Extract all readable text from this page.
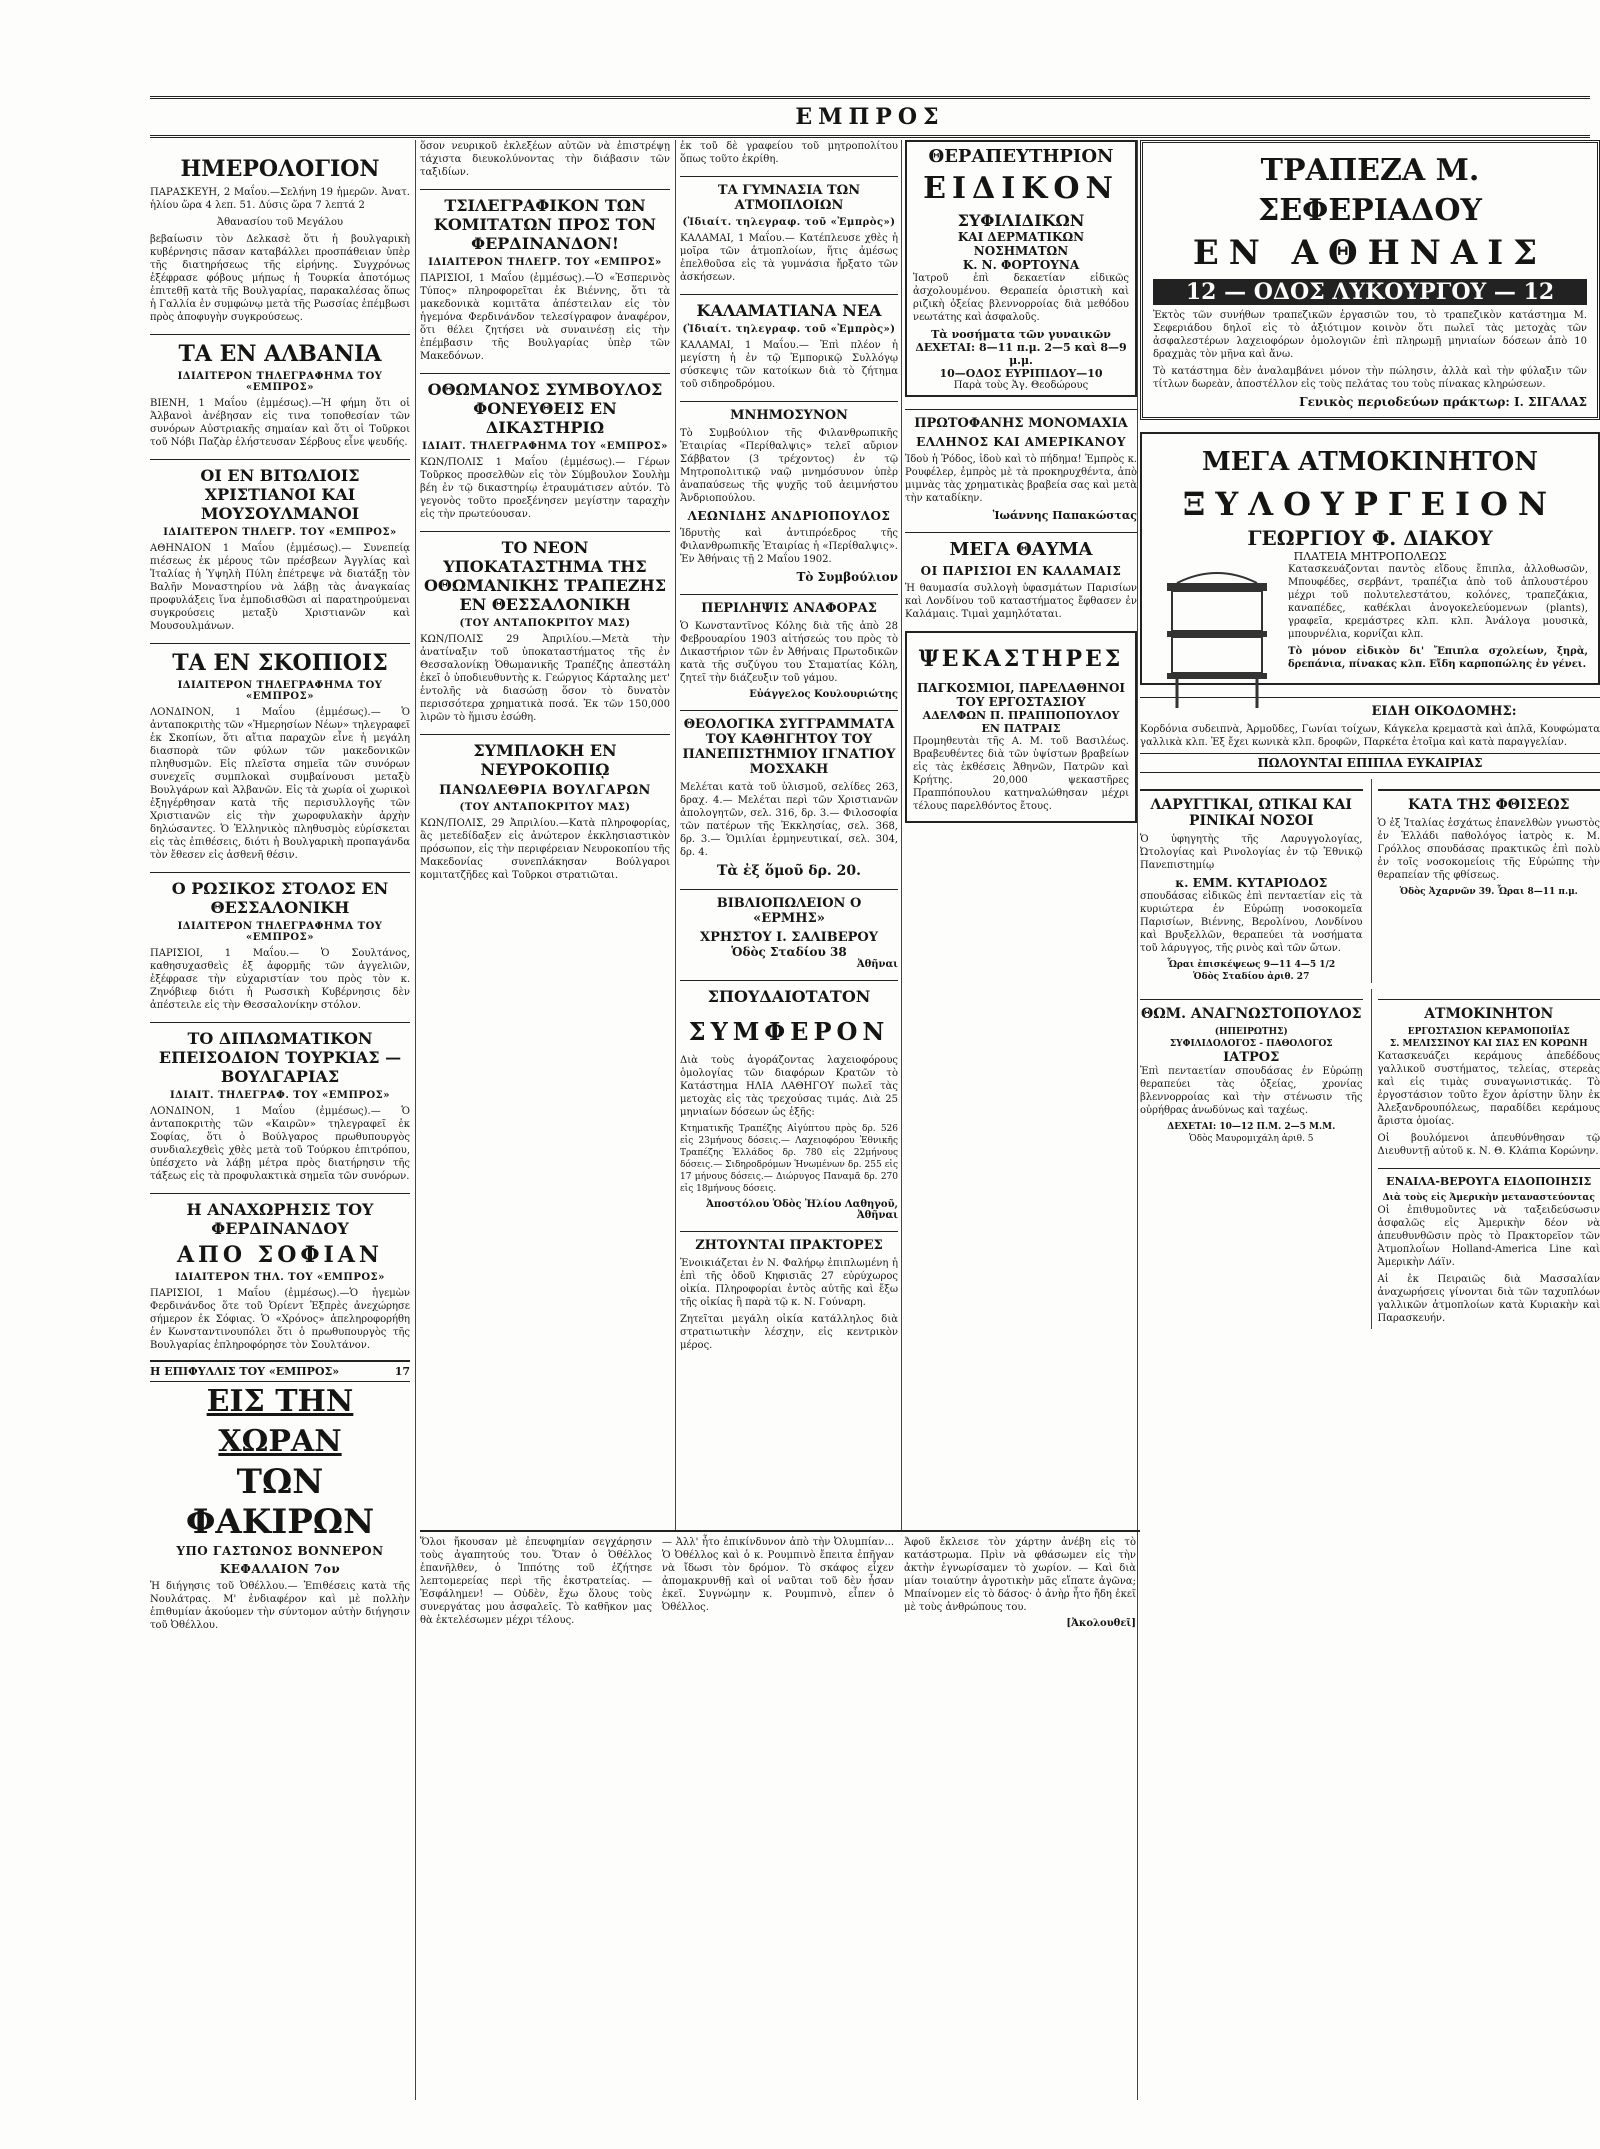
ΕΜΠΡΟΣ
ΗΜΕΡΟΛΟΓΙΟΝ

ΠΑΡΑΣΚΕΥΗ, 2 Μαΐου.—Σελήνη 19 ἡμερῶν. Ἀνατ. ἡλίου ὥρα 4 λεπ. 51. Δύσις ὥρα 7 λεπτά 2

Ἀθανασίου τοῦ Μεγάλου

βεβαίωσιν τὸν Δελκασὲ ὅτι ἡ βουλγαρικὴ κυβέρνησις πᾶσαν καταβάλλει προσπάθειαν ὑπὲρ τῆς διατηρήσεως τῆς εἰρήνης. Συγχρόνως ἐξέφρασε φόβους μήπως ἡ Τουρκία ἀποτόμως ἐπιτεθῇ κατὰ τῆς Βουλγαρίας, παρακαλέσας ὅπως ἡ Γαλλία ἐν συμφώνῳ μετὰ τῆς Ρωσσίας ἐπέμβωσι πρὸς ἀποφυγὴν συγκρούσεως.

ΤΑ ΕΝ ΑΛΒΑΝΙΑ
ΙΔΙΑΙΤΕΡΟΝ ΤΗΛΕΓΡΑΦΗΜΑ ΤΟΥ «ΕΜΠΡΟΣ»

ΒΙΕΝΗ, 1 Μαΐου (ἐμμέσως).—Ἡ φήμη ὅτι οἱ Ἀλβανοὶ ἀνέβησαν εἰς τινα τοποθεσίαν τῶν συνόρων Αὐστριακῆς σημαίαν καὶ ὅτι οἱ Τοῦρκοι τοῦ Νόβι Παζὰρ ἐλήστευσαν Σέρβους εἶνε ψευδής.

ΟΙ ΕΝ ΒΙΤΩΛΙΟΙΣ ΧΡΙΣΤΙΑΝΟΙ ΚΑΙ ΜΟΥΣΟΥΛΜΑΝΟΙ
ΙΔΙΑΙΤΕΡΟΝ ΤΗΛΕΓΡ. ΤΟΥ «ΕΜΠΡΟΣ»

ΑΘΗΝΑΙΟΝ 1 Μαΐου (ἐμμέσως).— Συνεπείᾳ πιέσεως ἐκ μέρους τῶν πρέσβεων Ἀγγλίας καὶ Ἰταλίας ἡ Ὑψηλὴ Πύλη ἐπέτρεψε νὰ διατάξῃ τὸν Βαλῆν Μοναστηρίου νὰ λάβῃ τὰς ἀναγκαίας προφυλάξεις ἵνα ἐμποδισθῶσι αἱ παρατηρούμεναι συγκρούσεις μεταξὺ Χριστιανῶν καὶ Μουσουλμάνων.

ΤΑ ΕΝ ΣΚΟΠΙΟΙΣ
ΙΔΙΑΙΤΕΡΟΝ ΤΗΛΕΓΡΑΦΗΜΑ ΤΟΥ «ΕΜΠΡΟΣ»

ΛΟΝΔΙΝΟΝ, 1 Μαΐου (ἐμμέσως).— Ὁ ἀνταποκριτὴς τῶν «Ἡμερησίων Νέων» τηλεγραφεῖ ἐκ Σκοπίων, ὅτι αἴτια παραχῶν εἶνε ἡ μεγάλη διασπορὰ τῶν φύλων τῶν μακεδονικῶν πληθυσμῶν. Εἰς πλεῖστα σημεῖα τῶν συνόρων συνεχεῖς συμπλοκαὶ συμβαίνουσι μεταξὺ Βουλγάρων καὶ Ἀλβανῶν. Εἰς τὰ χωρία οἱ χωρικοὶ ἐξηγέρθησαν κατὰ τῆς περισυλλογῆς τῶν Χριστιανῶν εἰς τὴν χωροφυλακὴν ἀρχὴν δηλώσαντες. Ὁ Ἑλληνικὸς πληθυσμὸς εὑρίσκεται εἰς τὰς ἐπιθέσεις, διότι ἡ Βουλγαρικὴ προπαγάνδα τὸν ἔθεσεν εἰς ἀσθενῆ θέσιν.

Ο ΡΩΣΙΚΟΣ ΣΤΟΛΟΣ ΕΝ ΘΕΣΣΑΛΟΝΙΚΗ
ΙΔΙΑΙΤΕΡΟΝ ΤΗΛΕΓΡΑΦΗΜΑ ΤΟΥ «ΕΜΠΡΟΣ»

ΠΑΡΙΣΙΟΙ, 1 Μαΐου.— Ὁ Σουλτάνος, καθησυχασθεὶς ἐξ ἀφορμῆς τῶν ἀγγελιῶν, ἐξέφρασε τὴν εὐχαριστίαν του πρὸς τὸν κ. Ζηνόβιεφ διότι ἡ Ρωσσικὴ Κυβέρνησις δὲν ἀπέστειλε εἰς τὴν Θεσσαλονίκην στόλον.

ΤΟ ΔΙΠΛΩΜΑΤΙΚΟΝ ΕΠΕΙΣΟΔΙΟΝ ΤΟΥΡΚΙΑΣ — ΒΟΥΛΓΑΡΙΑΣ
ΙΔΙΑΙΤ. ΤΗΛΕΓΡΑΦ. ΤΟΥ «ΕΜΠΡΟΣ»

ΛΟΝΔΙΝΟΝ, 1 Μαΐου (ἐμμέσως).— Ὁ ἀνταποκριτὴς τῶν «Καιρῶν» τηλεγραφεῖ ἐκ Σοφίας, ὅτι ὁ Βούλγαρος πρωθυπουργὸς συνδιαλεχθεὶς χθὲς μετὰ τοῦ Τούρκου ἐπιτρόπου, ὑπέσχετο νὰ λάβῃ μέτρα πρὸς διατήρησιν τῆς τάξεως εἰς τὰ προφυλακτικὰ σημεῖα τῶν συνόρων.

Η ΑΝΑΧΩΡΗΣΙΣ ΤΟΥ ΦΕΡΔΙΝΑΝΔΟΥ
ΑΠΟ ΣΟΦΙΑΝ
ΙΔΙΑΙΤΕΡΟΝ ΤΗΛ. ΤΟΥ «ΕΜΠΡΟΣ»

ΠΑΡΙΣΙΟΙ, 1 Μαΐου (ἐμμέσως).—Ὁ ἡγεμὼν Φερδινάνδος ὅτε τοῦ Ὀρίεντ Ἐξπρὲς ἀνεχώρησε σήμερον ἐκ Σόφιας. Ὁ «Χρόνος» ἀπεληροφορήθη ἐν Κωνσταντινουπόλει ὅτι ὁ πρωθυπουργὸς τῆς Βουλγαρίας ἐπληροφόρησε τὸν Σουλτάνον.

Η ΕΠΙΦΥΛΛΙΣ ΤΟΥ «ΕΜΠΡΟΣ»	17
ΕΙΣ ΤΗΝ ΧΩΡΑΝ
ΤΩΝ ΦΑΚΙΡΩΝ
ΥΠΟ ΓΑΣΤΩΝΟΣ ΒΟΝΝΕΡΟΝ
ΚΕΦΑΛΑΙΟΝ 7ον

Ἡ διήγησις τοῦ Ὀθέλλου.— Ἐπιθέσεις κατὰ τῆς Νουλάτρας. Μ' ἐνδιαφέρον καὶ μὲ πολλὴν ἐπιθυμίαν ἀκούομεν τὴν σύντομον αὐτὴν διήγησιν τοῦ Ὀθέλλου.

ὅσον νευρικοῦ ἐκλεξέων αὐτῶν νὰ ἐπιστρέψῃ τάχιστα διευκολύνοντας τὴν διάβασιν τῶν ταξιδίων.

ΤΣΙΛΕΓΡΑΦΙΚΟΝ ΤΩΝ ΚΟΜΙΤΑΤΩΝ ΠΡΟΣ ΤΟΝ ΦΕΡΔΙΝΑΝΔΟΝ!
ΙΔΙΑΙΤΕΡΟΝ ΤΗΛΕΓΡ. ΤΟΥ «ΕΜΠΡΟΣ»

ΠΑΡΙΣΙΟΙ, 1 Μαΐου (ἐμμέσως).—Ὁ «Ἐσπερινὸς Τύπος» πληροφορεῖται ἐκ Βιέννης, ὅτι τὰ μακεδονικὰ κομιτᾶτα ἀπέστειλαν εἰς τὸν ἡγεμόνα Φερδινάνδον τελεσίγραφον ἀναφέρον, ὅτι θέλει ζητήσει νὰ συναινέσῃ εἰς τὴν ἐπέμβασιν τῆς Βουλγαρίας ὑπὲρ τῶν Μακεδόνων.

ΟΘΩΜΑΝΟΣ ΣΥΜΒΟΥΛΟΣ ΦΟΝΕΥΘΕΙΣ ΕΝ ΔΙΚΑΣΤΗΡΙΩ
ΙΔΙΑΙΤ. ΤΗΛΕΓΡΑΦΗΜΑ ΤΟΥ «ΕΜΠΡΟΣ»

ΚΩΝ/ΠΟΛΙΣ 1 Μαΐου (ἐμμέσως).— Γέρων Τοῦρκος προσελθὼν εἰς τὸν Σύμβουλον Σουλὴμ βέη ἐν τῷ δικαστηρίῳ ἐτραυμάτισεν αὐτόν. Τὸ γεγονὸς τοῦτο προεξένησεν μεγίστην ταραχὴν εἰς τὴν πρωτεύουσαν.

ΤΟ ΝΕΟΝ ΥΠΟΚΑΤΑΣΤΗΜΑ ΤΗΣ ΟΘΩΜΑΝΙΚΗΣ ΤΡΑΠΕΖΗΣ ΕΝ ΘΕΣΣΑΛΟΝΙΚΗ
(ΤΟΥ ΑΝΤΑΠΟΚΡΙΤΟΥ ΜΑΣ)

ΚΩΝ/ΠΟΛΙΣ 29 Ἀπριλίου.—Μετὰ τὴν ἀνατίναξιν τοῦ ὑποκαταστήματος τῆς ἐν Θεσσαλονίκῃ Ὀθωμανικῆς Τραπέζης ἀπεστάλη ἐκεῖ ὁ ὑποδιευθυντὴς κ. Γεώργιος Κάρταλης μετ' ἐντολῆς νὰ διασώσῃ ὅσον τὸ δυνατὸν περισσότερα χρηματικὰ ποσά. Ἐκ τῶν 150,000 λιρῶν τὸ ἥμισυ ἐσώθη.

ΣΥΜΠΛΟΚΗ ΕΝ ΝΕΥΡΟΚΟΠΙῼ
ΠΑΝΩΛΕΘΡΙΑ ΒΟΥΛΓΑΡΩΝ
(ΤΟΥ ΑΝΤΑΠΟΚΡΙΤΟΥ ΜΑΣ)

ΚΩΝ/ΠΟΛΙΣ, 29 Ἀπριλίου.—Κατὰ πληροφορίας, ἃς μετεδίδαξεν εἰς ἀνώτερον ἐκκλησιαστικὸν πρόσωπον, εἰς τὴν περιφέρειαν Νευροκοπίου τῆς Μακεδονίας συνεπλάκησαν Βούλγαροι κομιτατζῆδες καὶ Τοῦρκοι στρατιῶται.

ἐκ τοῦ δὲ γραφείου τοῦ μητροπολίτου ὅπως τοῦτο ἐκρίθη.

ΤΑ ΓΥΜΝΑΣΙΑ ΤΩΝ ΑΤΜΟΠΛΟΙΩΝ
(Ἰδιαίτ. τηλεγραφ. τοῦ «Ἐμπρὸς»)

ΚΑΛΑΜΑΙ, 1 Μαΐου.— Κατέπλευσε χθὲς ἡ μοῖρα τῶν ἀτμοπλοίων, ἥτις ἀμέσως ἐπελθοῦσα εἰς τὰ γυμνάσια ἤρξατο τῶν ἀσκήσεων.

ΚΑΛΑΜΑΤΙΑΝΑ ΝΕΑ
(Ἰδιαίτ. τηλεγραφ. τοῦ «Ἐμπρὸς»)

ΚΑΛΑΜΑΙ, 1 Μαΐου.— Ἐπὶ πλέον ἡ μεγίστη ἡ ἐν τῷ Ἐμπορικῷ Συλλόγῳ σύσκεψις τῶν κατοίκων διὰ τὸ ζήτημα τοῦ σιδηροδρόμου.

ΜΝΗΜΟΣΥΝΟΝ

Τὸ Συμβούλιον τῆς Φιλανθρωπικῆς Ἑταιρίας «Περίθαλψις» τελεῖ αὔριον Σάββατον (3 τρέχοντος) ἐν τῷ Μητροπολιτικῷ ναῷ μνημόσυνον ὑπὲρ ἀναπαύσεως τῆς ψυχῆς τοῦ ἀειμνήστου Ἀνδριοπούλου.

ΛΕΩΝΙΔΗΣ ΑΝΔΡΙΟΠΟΥΛΟΣ

Ἱδρυτὴς καὶ ἀντιπρόεδρος τῆς Φιλανθρωπικῆς Ἑταιρίας ἡ «Περίθαλψις». Ἐν Ἀθήναις τῇ 2 Μαΐου 1902.

Τὸ Συμβούλιον
ΠΕΡΙΛΗΨΙΣ ΑΝΑΦΟΡΑΣ

Ὁ Κωνσταντῖνος Κόλης διὰ τῆς ἀπὸ 28 Φεβρουαρίου 1903 αἰτήσεώς του πρὸς τὸ Δικαστήριον τῶν ἐν Ἀθήναις Πρωτοδικῶν κατὰ τῆς συζύγου του Σταματίας Κόλη, ζητεῖ τὴν διάζευξιν τοῦ γάμου.

Εὐάγγελος Κουλουριώτης
ΘΕΟΛΟΓΙΚΑ ΣΥΓΓΡΑΜΜΑΤΑ ΤΟΥ ΚΑΘΗΓΗΤΟΥ ΤΟΥ ΠΑΝΕΠΙΣΤΗΜΙΟΥ ΙΓΝΑΤΙΟΥ ΜΟΣΧΑΚΗ

Μελέται κατὰ τοῦ ὑλισμοῦ, σελίδες 263, δραχ. 4.— Μελέται περὶ τῶν Χριστιανῶν ἀπολογητῶν, σελ. 316, δρ. 3.— Φιλοσοφία τῶν πατέρων τῆς Ἐκκλησίας, σελ. 368, δρ. 3.— Ὁμιλίαι ἐρμηνευτικαί, σελ. 304, δρ. 4.

Τὰ ἐξ ὅμοῦ δρ. 20.
ΒΙΒΛΙΟΠΩΛΕΙΟΝ Ο «ΕΡΜΗΣ»
ΧΡΗΣΤΟΥ Ι. ΣΑΛΙΒΕΡΟΥ
Ὁδὸς Σταδίου 38
Ἀθῆναι
ΣΠΟΥΔΑΙΟΤΑΤΟΝ
ΣΥΜΦΕΡΟΝ

Διὰ τοὺς ἀγοράζοντας λαχειοφόρους ὁμολογίας τῶν διαφόρων Κρατῶν τὸ Κατάστημα ΗΛΙΑ ΛΑΘΗΓΟΥ πωλεῖ τὰς μετοχὰς εἰς τὰς τρεχούσας τιμάς. Διὰ 25 μηνιαίων δόσεων ὡς ἑξῆς:

Κτηματικῆς Τραπέζης Αἰγύπτου πρὸς δρ. 526 εἰς 23μήνους δόσεις.— Λαχειοφόρου Ἐθνικῆς Τραπέζης Ἑλλάδος δρ. 780 εἰς 22μήνους δόσεις.— Σιδηροδρόμων Ἡνωμένων δρ. 255 εἰς 17 μήνους δόσεις.— Διώρυγος Παναμᾶ δρ. 270 εἰς 18μήνους δόσεις.

Ἀποστόλου Ὁδὸς Ἡλίου Λαθηγοῦ, Ἀθῆναι
ΖΗΤΟΥΝΤΑΙ ΠΡΑΚΤΟΡΕΣ

Ἐνοικιάζεται ἐν Ν. Φαλήρῳ ἐπιπλωμένη ἡ ἐπὶ τῆς ὁδοῦ Κηφισιᾶς 27 εὐρύχωρος οἰκία. Πληροφορίαι ἐντὸς αὐτῆς καὶ ἔξω τῆς οἰκίας ἢ παρὰ τῷ κ. Ν. Γούναρη.

Ζητεῖται μεγάλη οἰκία κατάλληλος διὰ στρατιωτικὴν λέσχην, εἰς κεντρικὸν μέρος.

ΘΕΡΑΠΕΥΤΗΡΙΟΝ
ΕΙΔΙΚΟΝ
ΣΥΦΙΛΙΔΙΚΩΝ
ΚΑΙ ΔΕΡΜΑΤΙΚΩΝ ΝΟΣΗΜΑΤΩΝ
Κ. Ν. ΦΟΡΤΟΥΝΑ

Ἰατροῦ ἐπὶ δεκαετίαν εἰδικῶς ἀσχολουμένου. Θεραπεία ὁριστικὴ καὶ ριζικὴ ὀξείας βλεννορροίας διὰ μεθόδου νεωτάτης καὶ ἀσφαλοῦς.

Τὰ νοσήματα τῶν γυναικῶν
ΔΕΧΕΤΑΙ: 8—11 π.μ. 2—5 καὶ 8—9 μ.μ.
10—ΟΔΟΣ ΕΥΡΙΠΙΔΟΥ—10
Παρὰ τοὺς Ἁγ. Θεοδώρους
ΠΡΩΤΟΦΑΝΗΣ ΜΟΝΟΜΑΧΙΑ
ΕΛΛΗΝΟΣ ΚΑΙ ΑΜΕΡΙΚΑΝΟΥ

Ἰδοὺ ἡ Ῥόδος, ἰδοὺ καὶ τὸ πήδημα! Ἐμπρὸς κ. Ρουφέλερ, ἐμπρὸς μὲ τὰ προκηρυχθέντα, ἀπὸ μιμνὰς τὰς χρηματικὰς βραβεία σας καὶ μετὰ τὴν καταδίκην.

Ἰωάννης Παπακώστας
ΜΕΓΑ ΘΑΥΜΑ
ΟΙ ΠΑΡΙΣΙΟΙ ΕΝ ΚΑΛΑΜΑΙΣ

Ἡ θαυμασία συλλογὴ ὑφασμάτων Παρισίων καὶ Λονδίνου τοῦ καταστήματος ἔφθασεν ἐν Καλάμαις. Τιμαὶ χαμηλόταται.

ΨΕΚΑΣΤΗΡΕΣ
ΠΑΓΚΟΣΜΙΟΙ, ΠΑΡΕΛΑΘΗΝΟΙ
ΤΟΥ ΕΡΓΟΣΤΑΣΙΟΥ
ΑΔΕΛΦΩΝ Π. ΠΡΑΠΠΟΠΟΥΛΟΥ
ΕΝ ΠΑΤΡΑΙΣ

Προμηθευτὰι τῆς Α. Μ. τοῦ Βασιλέως. Βραβευθέντες διὰ τῶν ὑψίστων βραβείων εἰς τὰς ἐκθέσεις Ἀθηνῶν, Πατρῶν καὶ Κρήτης. 20,000 ψεκαστῆρες Πραππόπουλου κατηναλώθησαν μέχρι τέλους παρελθόντος ἔτους.

ΤΡΑΠΕΖΑ Μ. ΣΕΦΕΡΙΑΔΟΥ
ΕΝ ΑΘΗΝΑΙΣ
12 — ΟΔΟΣ ΛΥΚΟΥΡΓΟΥ — 12

Ἐκτὸς τῶν συνήθων τραπεζικῶν ἐργασιῶν του, τὸ τραπεζικὸν κατάστημα Μ. Σεφεριάδου δηλοῖ εἰς τὸ ἀξιότιμον κοινὸν ὅτι πωλεῖ τὰς μετοχὰς τῶν ἀσφαλεστέρων λαχειοφόρων ὁμολογιῶν ἐπὶ πληρωμῇ μηνιαίων δόσεων ἀπὸ 10 δραχμὰς τὸν μῆνα καὶ ἄνω.

Τὸ κατάστημα δὲν ἀναλαμβάνει μόνον τὴν πώλησιν, ἀλλὰ καὶ τὴν φύλαξιν τῶν τίτλων δωρεὰν, ἀποστέλλον εἰς τοὺς πελάτας του τοὺς πίνακας κληρώσεων.

Γενικὸς περιοδεύων πράκτωρ: Ι. ΣΙΓΑΛΑΣ
ΜΕΓΑ ΑΤΜΟΚΙΝΗΤΟΝ
ΞΥΛΟΥΡΓΕΙΟΝ
ΓΕΩΡΓΙΟΥ Φ. ΔΙΑΚΟΥ
ΠΛΑΤΕΙΑ ΜΗΤΡΟΠΟΛΕΩΣ

Κατασκευάζονται παντὸς εἴδους ἔπιπλα, ἀλλοθωσῶν, Μπουφέδες, σερβάντ, τραπέζια ἀπὸ τοῦ ἁπλουστέρου μέχρι τοῦ πολυτελεστάτου, κολόνες, τραπεζάκια, καναπέδες, καθέκλαι ἀνογοκελεύομενων (plants), γραφεῖα, κρεμάστρες κλπ. κλπ. Ἀνάλογα μουσικὰ, μπουρνέλια, κορνίζαι κλπ.

Τὸ μόνον εἰδικὸν δι' Ἔπιπλα σχολείων, ξηρὰ, δρεπάνια, πίνακας κλπ. Εἴδη καρποπώλης ἐν γένει.

ΕΙΔΗ ΟΙΚΟΔΟΜΗΣ:

Κορδόνια συδειπνὰ, Ἀρμοῦδες, Γωνίαι τοίχων, Κάγκελα κρεμαστὰ καὶ ἀπλᾶ, Κουφώματα γαλλικὰ κλπ. Ἐξ ἔχει κωνικὰ κλπ. δροφῶν, Παρκέτα ἑτοῖμα καὶ κατὰ παραγγελίαν.

ΠΩΛΟΥΝΤΑΙ ΕΠΙΠΛΑ ΕΥΚΑΙΡΙΑΣ
ΛΑΡΥΓΓΙΚΑΙ, ΩΤΙΚΑΙ ΚΑΙ ΡΙΝΙΚΑΙ ΝΟΣΟΙ

Ὁ ὑφηγητὴς τῆς Λαρυγγολογίας, Ὠτολογίας καὶ Ρινολογίας ἐν τῷ Ἐθνικῷ Πανεπιστημίῳ

κ. ΕΜΜ. ΚΥΤΑΡΙΟΔΟΣ

σπουδάσας εἰδικῶς ἐπὶ πενταετίαν εἰς τὰ κυριώτερα ἐν Εὐρώπῃ νοσοκομεῖα Παρισίων, Βιέννης, Βερολίνου, Λονδίνου καὶ Βρυξελλῶν, θεραπεύει τὰ νοσήματα τοῦ λάρυγγος, τῆς ρινὸς καὶ τῶν ὤτων.

Ὧραι ἐπισκέψεως 9—11 4—5 1/2
Ὁδὸς Σταδίου ἀριθ. 27
ΚΑΤΑ ΤΗΣ ΦΘΙΣΕΩΣ

Ὁ ἐξ Ἰταλίας ἐσχάτως ἐπανελθὼν γνωστὸς ἐν Ἑλλάδι παθολόγος ἰατρὸς κ. Μ. Γρόλλος σπουδάσας πρακτικῶς ἐπὶ πολὺ ἐν τοῖς νοσοκομείοις τῆς Εὐρώπης τὴν θεραπείαν τῆς φθίσεως.

Ὁδὸς Ἀχαρνῶν 39. Ὧραι 8—11 π.μ.
ΘΩΜ. ΑΝΑΓΝΩΣΤΟΠΟΥΛΟΣ
(ΗΠΕΙΡΩΤΗΣ)
ΣΥΦΙΛΙΔΟΛΟΓΟΣ - ΠΑΘΟΛΟΓΟΣ
ΙΑΤΡΟΣ

Ἐπὶ πενταετίαν σπουδάσας ἐν Εὐρώπῃ θεραπεύει τὰς ὀξείας, χρονίας βλεννορροίας καὶ τὴν στένωσιν τῆς οὐρήθρας ἀνωδύνως καὶ ταχέως.

ΔΕΧΕΤΑΙ: 10—12 Π.Μ. 2—5 Μ.Μ.
Ὁδὸς Μαυρομιχάλη ἀριθ. 5
ΑΤΜΟΚΙΝΗΤΟΝ
ΕΡΓΟΣΤΑΣΙΟΝ ΚΕΡΑΜΟΠΟΙΪΑΣ
Σ. ΜΕΛΙΣΣΙΝΟΥ ΚΑΙ ΣΙΑΣ ΕΝ ΚΟΡΩΝΗ

Κατασκευάζει κεράμους ἀπεδέδους γαλλικοῦ συστήματος, τελείας, στερεὰς καὶ εἰς τιμὰς συναγωνιστικάς. Τὸ ἐργοστάσιον τοῦτο ἔχον ἀρίστην ὕλην ἐκ Ἀλεξανδρουπόλεως, παραδίδει κεράμους ἄριστα ὁμοίας.

Οἱ βουλόμενοι ἀπευθύνθησαν τῷ Διευθυντῇ αὐτοῦ κ. Ν. Θ. Κλάπια Κορώνην.

ΕΝΑΙΛΑ-ΒΕΡΟΥΓΑ ΕΙΔΟΠΟΙΗΣΙΣ
Διὰ τοὺς εἰς Ἀμερικὴν μεταναστεύοντας

Οἱ ἐπιθυμοῦντες νὰ ταξειδεύσωσιν ἀσφαλῶς εἰς Ἀμερικὴν δέον νὰ ἀπευθυνθῶσιν πρὸς τὸ Πρακτορεῖον τῶν Ἀτμοπλοΐων Holland-America Line καὶ Ἀμερικὴν Λάϊν.

Αἱ ἐκ Πειραιῶς διὰ Μασσαλίαν ἀναχωρήσεις γίνονται διὰ τῶν ταχυπλόων γαλλικῶν ἀτμοπλοίων κατὰ Κυριακὴν καὶ Παρασκευήν.

Ὅλοι ἤκουσαν μὲ ἐπευφημίαν σεγχάρησιν τοὺς ἀγαπητούς του. Ὅταν ὁ Ὀθέλλος ἐπανῆλθεν, ὁ Ἰππότης τοῦ ἐζήτησε λεπτομερείας περὶ τῆς ἐκστρατείας. — Ἐσφάλημεν! — Οὐδὲν, ἔχω ὅλους τοὺς συνεργάτας μου ἀσφαλεῖς. Τὸ καθῆκον μας θὰ ἐκτελέσωμεν μέχρι τέλους.

— Ἀλλ' ἦτο ἐπικίνδυνον ἀπὸ τὴν Ὀλυμπίαν... Ὁ Ὀθέλλος καὶ ὁ κ. Ρουμπινὸ ἔπειτα ἐπῆγαν νὰ ἴδωσι τὸν δρόμον. Τὸ σκάφος εἶχεν ἀπομακρυνθῇ καὶ οἱ ναῦται τοῦ δὲν ἦσαν ἐκεῖ. Συγνώμην κ. Ρουμπινὸ, εἶπεν ὁ Ὀθέλλος.

Ἀφοῦ ἔκλεισε τὸν χάρτην ἀνέβη εἰς τὸ κατάστρωμα. Πρὶν νὰ φθάσωμεν εἰς τὴν ἀκτὴν ἐγνωρίσαμεν τὸ χωρίον. — Καὶ διὰ μίαν τοιαύτην ἀγροτικὴν μᾶς εἴπατε ἀγῶνα; Μπαίνομεν εἰς τὸ δάσος· ὁ ἀνὴρ ἦτο ἤδη ἐκεῖ μὲ τοὺς ἀνθρώπους του.

[Ἀκολουθεῖ]
